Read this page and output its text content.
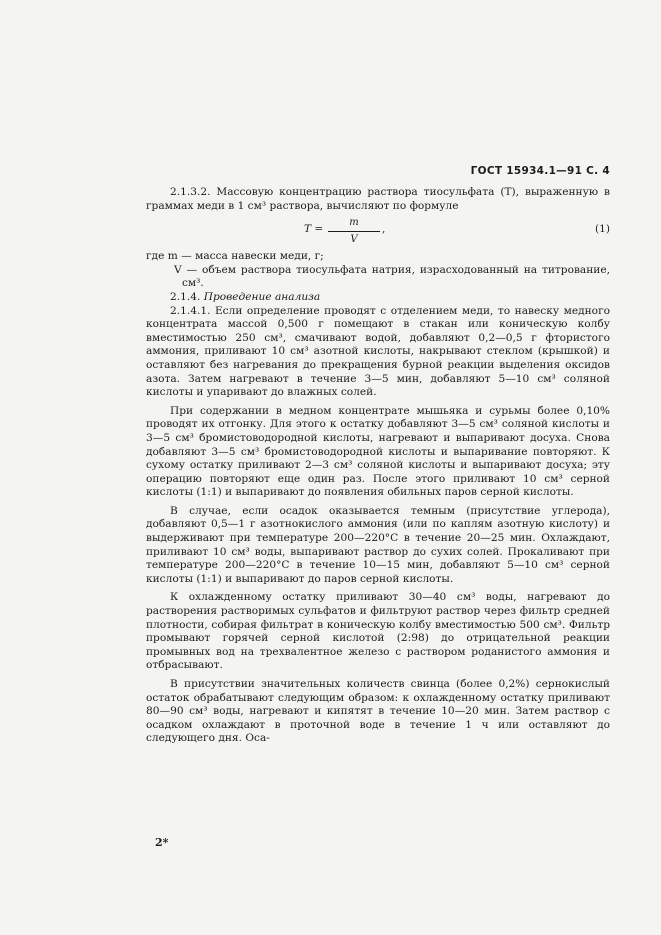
ГОСТ 15934.1—91 С. 4

2.1.3.2. Массовую концентрацию раствора тиосульфата (T), выраженную в граммах меди в 1 см³ раствора, вычисляют по формуле

T =
m
V
,	(1)

где m — масса навески меди, г;

V — объем раствора тиосульфата натрия, израсходованный на титрование, см³.

2.1.4. Проведение анализа

2.1.4.1. Если определение проводят с отделением меди, то навеску медного концентрата массой 0,500 г помещают в стакан или коническую колбу вместимостью 250 см³, смачивают водой, добавляют 0,2—0,5 г фтористого аммония, приливают 10 см³ азотной кислоты, накрывают стеклом (крышкой) и оставляют без нагревания до прекращения бурной реакции выделения оксидов азота. Затем нагревают в течение 3—5 мин, добавляют 5—10 см³ соляной кислоты и упаривают до влажных солей.

При содержании в медном концентрате мышьяка и сурьмы более 0,10% проводят их отгонку. Для этого к остатку добавляют 3—5 см³ соляной кислоты и 3—5 см³ бромистоводородной кислоты, нагревают и выпаривают досуха. Снова добавляют 3—5 см³ бромистоводородной кислоты и выпаривание повторяют. К сухому остатку приливают 2—3 см³ соляной кислоты и выпаривают досуха; эту операцию повторяют еще один раз. После этого приливают 10 см³ серной кислоты (1:1) и выпаривают до появления обильных паров серной кислоты.

В случае, если осадок оказывается темным (присутствие углерода), добавляют 0,5—1 г азотнокислого аммония (или по каплям азотную кислоту) и выдерживают при температуре 200—220°C в течение 20—25 мин. Охлаждают, приливают 10 см³ воды, выпаривают раствор до сухих солей. Прокаливают при температуре 200—220°C в течение 10—15 мин, добавляют 5—10 см³ серной кислоты (1:1) и выпаривают до паров серной кислоты.

К охлажденному остатку приливают 30—40 см³ воды, нагревают до растворения растворимых сульфатов и фильтруют раствор через фильтр средней плотности, собирая фильтрат в коническую колбу вместимостью 500 см³. Фильтр промывают горячей серной кислотой (2:98) до отрицательной реакции промывных вод на трехвалентное железо с раствором роданистого аммония и отбрасывают.

В присутствии значительных количеств свинца (более 0,2%) сернокислый остаток обрабатывают следующим образом: к охлажденному остатку приливают 80—90 см³ воды, нагревают и кипятят в течение 10—20 мин. Затем раствор с осадком охлаждают в проточной воде в течение 1 ч или оставляют до следующего дня. Оса-

2*
